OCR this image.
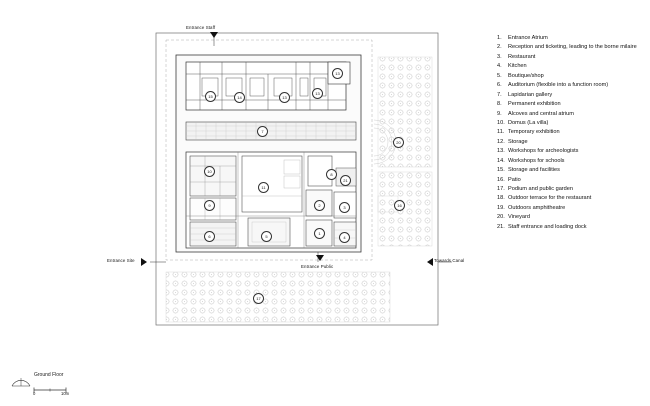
Entrance Staff
Entrance Site
Entrance Public
Towards Canal
13
15	14	13
13
7
20
10
11
8
21
16
9	2	3
6	5
1
4
17
1.	Entrance Atrium
2.	Reception and ticketing, leading to the borne milaire
3.	Restaurant
4.	Kitchen
5.	Boutique/shop
6.	Auditorium (flexible into a function room)
7.	Lapidarian gallery
8.	Permanent exhibition
9.	Alcoves and central atrium
10. Domus (La villa)
11. Temporary exhibition
12. Storage
13. Workshops for archeologists
14. Workshops for schools
15. Storage and facilities
16. Patio
17. Podium and public garden
18. Outdoor terrace for the restaurant
19. Outdoors amphitheatre
20. Vineyard
21. Staff entrance and loading dock
Ground Floor
0	10m
